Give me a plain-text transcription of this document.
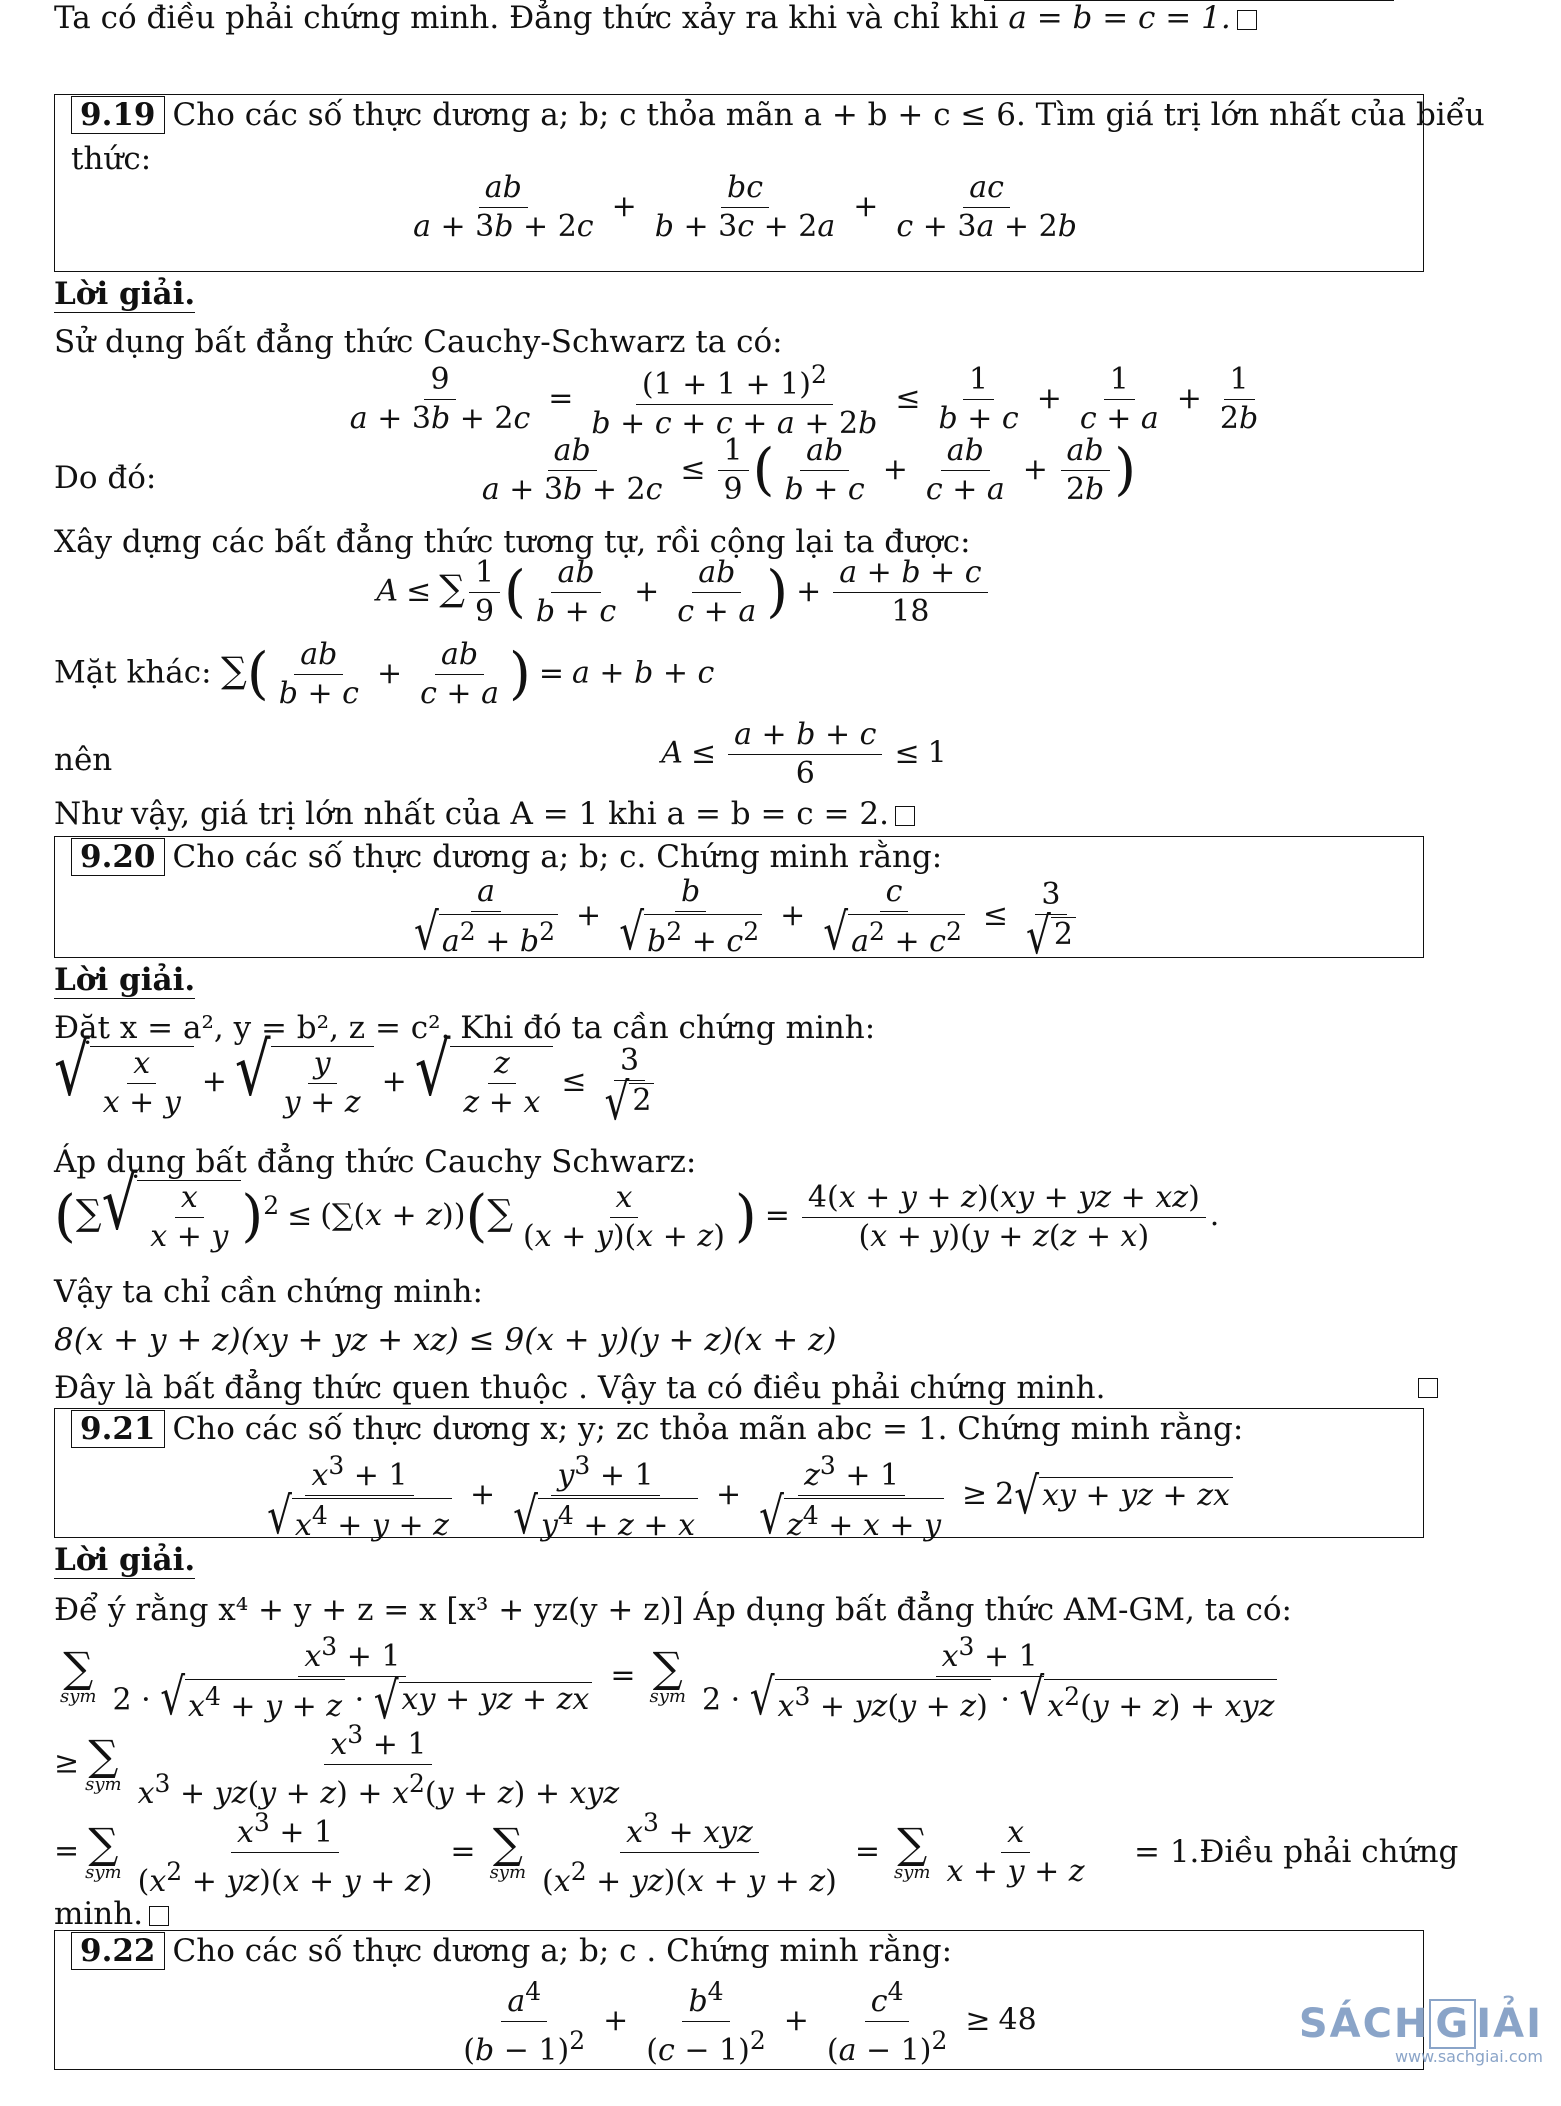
Ta có điều phải chứng minh. Đẳng thức xảy ra khi và chỉ khi a = b = c = 1.
9.19 Cho các số thực dương a; b; c thỏa mãn a + b + c ≤ 6. Tìm giá trị lớn nhất của biểu
thức:
$\frac{ab}{a + 3b + 2c} + \frac{bc}{b + 3c + 2a} + \frac{ac}{c + 3a + 2b}$
Lời giải.
Sử dụng bất đẳng thức Cauchy-Schwarz ta có:
$\frac{9}{a + 3b + 2c} = \frac{(1 + 1 + 1)^2}{b + c + c + a + 2b} \le \frac{1}{b + c} + \frac{1}{c + a} + \frac{1}{2b}$
Do đó:	$\frac{ab}{a + 3b + 2c} \le \frac{1}{9}$ ( $\frac{ab}{b + c} + \frac{ab}{c + a} + \frac{ab}{2b}$ )
Xây dựng các bất đẳng thức tương tự, rồi cộng lại ta được:
A ≤ ∑ $\frac{1}{9}$ ( $\frac{ab}{b + c} + \frac{ab}{c + a}$ ) + $\frac{a + b + c}{18}$
Mặt khác: ∑( $\frac{ab}{b + c} + \frac{ab}{c + a}$ ) = a + b + c
nên	$A \le \frac{a + b + c}{6} \le 1$
Như vậy, giá trị lớn nhất của A = 1 khi a = b = c = 2.
9.20 Cho các số thực dương a; b; c. Chứng minh rằng:
$\frac{a}{√ a^2 + b^2} + \frac{b}{√ b^2 + c^2} + \frac{c}{√ a^2 + c^2} \le \frac{3}{√ 2}$
Lời giải.
Đặt x = a², y = b², z = c². Khi đó ta cần chứng minh:
√ $\frac{x}{x + y}$ + √ $\frac{y}{y + z}$ + √ $\frac{z}{z + x} \le \frac{3}{√ 2}$
Áp dụng bất đẳng thức Cauchy Schwarz:
(∑ √ $\frac{x}{x + y} )^2 \le (\sum(x + z))(\sum \frac{x}{(x + y)(x + z)}$ ) = $\frac{4(x + y + z)(xy + yz + xz)}{(x + y)(y + z(z + x)}$ .
Vậy ta chỉ cần chứng minh:
8(x + y + z)(xy + yz + xz) ≤ 9(x + y)(y + z)(x + z)
Đây là bất đẳng thức quen thuộc . Vậy ta có điều phải chứng minh.
9.21 Cho các số thực dương x; y; zc thỏa mãn abc = 1. Chứng minh rằng:
$\frac{x^3 + 1}{√ x^4 + y + z} + \frac{y^3 + 1}{√ y^4 + z + x} + \frac{z^3 + 1}{√ z^4 + x + y} \ge 2$ √ xy + yz + zx
Lời giải.
Để ý rằng x⁴ + y + z = x [x³ + yz(y + z)] Áp dụng bất đẳng thức AM-GM, ta có:
∑
sym $\frac{x^3 + 1}{2 \cdot √ x^4 + y + z \cdot √ xy + yz + zx}$ = ∑
sym $\frac{x^3 + 1}{2 \cdot √ x^3 + yz(y + z) \cdot √ x^2(y + z) + xyz}$
≥ ∑
sym $\frac{x^3 + 1}{x^3 + yz(y + z) + x^2(y + z) + xyz}$
= ∑
sym $\frac{x^3 + 1}{(x^2 + yz)(x + y + z)}$ = ∑
sym $\frac{x^3 + xyz}{(x^2 + yz)(x + y + z)}$ = ∑
sym $\frac{x}{x + y + z}$ = 1.Điều phải chứng
minh.
9.22 Cho các số thực dương a; b; c . Chứng minh rằng:
$\frac{a^4}{(b - 1)^2} + \frac{b^4}{(c - 1)^2} + \frac{c^4}{(a - 1)^2} \ge 48$	SÁCH G IẢI
www.sachgiai.com
